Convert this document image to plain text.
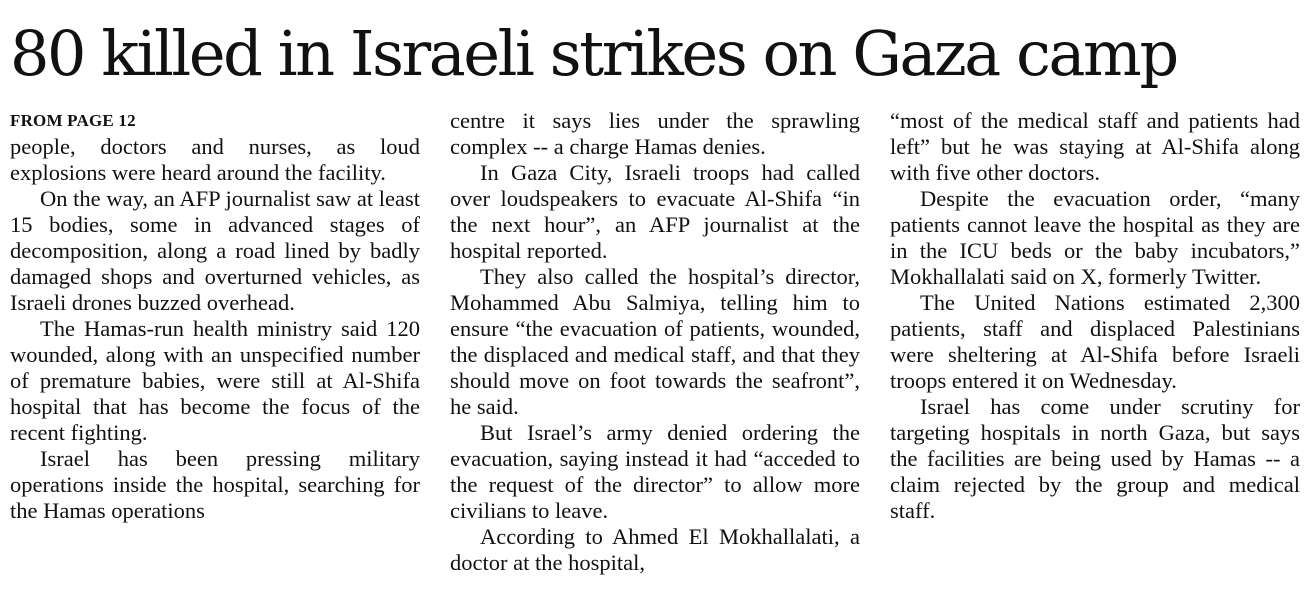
80 killed in Israeli strikes on Gaza camp
FROM PAGE 12

people, doctors and nurses, as loud explosions were heard around the facility.

On the way, an AFP journalist saw at least 15 bodies, some in advanced stages of decomposition, along a road lined by badly damaged shops and overturned vehicles, as Israeli drones buzzed overhead.

The Hamas-run health ministry said 120 wounded, along with an unspecified number of premature babies, were still at Al-Shifa hospital that has become the focus of the recent fighting.

Israel has been pressing military operations inside the hospital, searching for the Hamas operations

centre it says lies under the sprawling complex -- a charge Hamas denies.

In Gaza City, Israeli troops had called over loudspeakers to evacuate Al-Shifa “in the next hour”, an AFP journalist at the hospital reported.

They also called the hospital’s director, Mohammed Abu Salmiya, telling him to ensure “the evacuation of patients, wounded, the displaced and medical staff, and that they should move on foot towards the seafront”, he said.

But Israel’s army denied ordering the evacuation, saying instead it had “acceded to the request of the director” to allow more civilians to leave.

According to Ahmed El Mokhallalati, a doctor at the hospital,

“most of the medical staff and patients had left” but he was staying at Al-Shifa along with five other doctors.

Despite the evacuation order, “many patients cannot leave the hospital as they are in the ICU beds or the baby incubators,” Mokhallalati said on X, formerly Twitter.

The United Nations estimated 2,300 patients, staff and displaced Palestinians were sheltering at Al-Shifa before Israeli troops entered it on Wednesday.

Israel has come under scrutiny for targeting hospitals in north Gaza, but says the facilities are being used by Hamas -- a claim rejected by the group and medical staff.
